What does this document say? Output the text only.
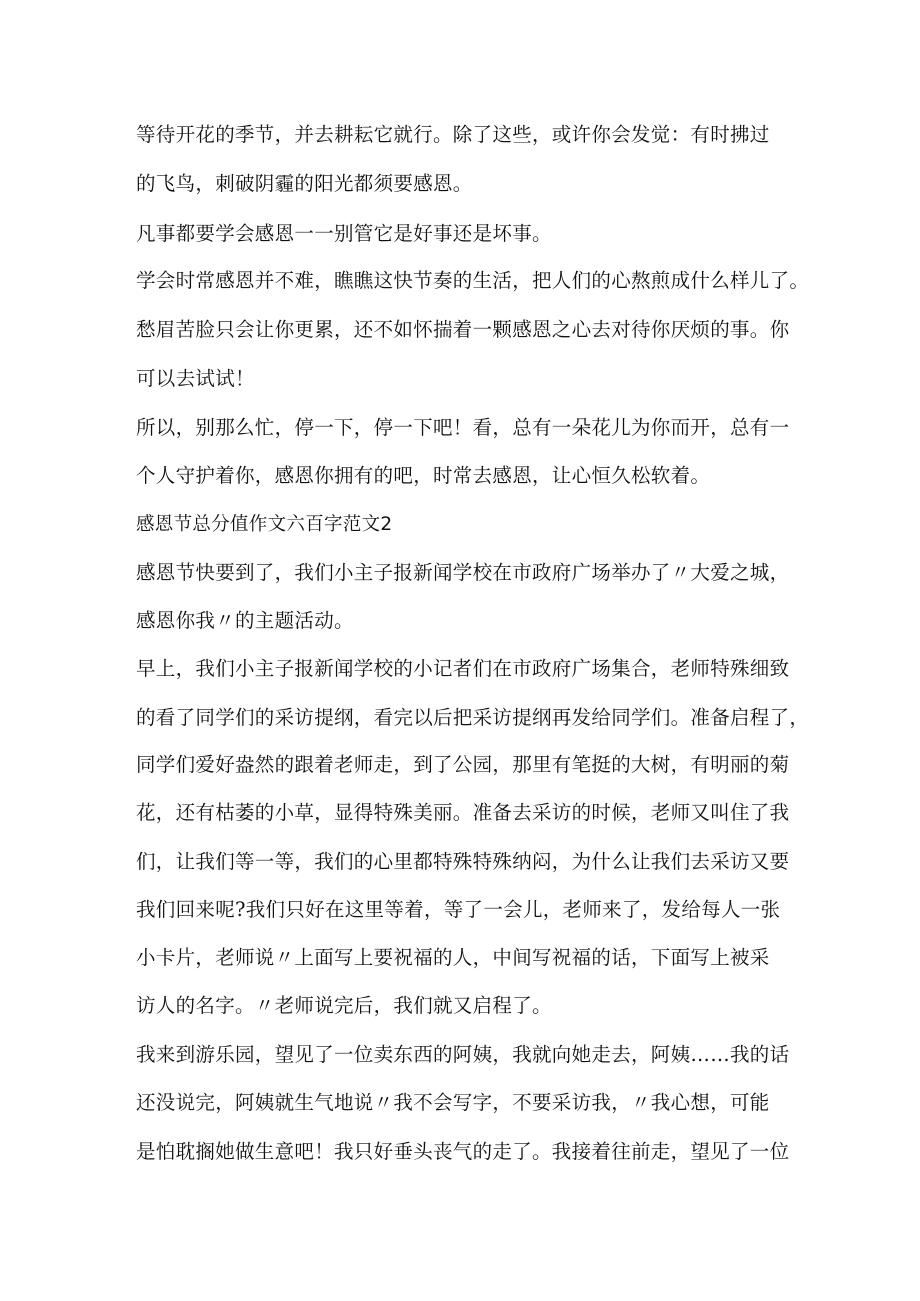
等待开花的季节，并去耕耘它就行。除了这些，或许你会发觉：有时拂过
的飞鸟，刺破阴霾的阳光都须要感恩。
凡事都要学会感恩一一别管它是好事还是坏事。
学会时常感恩并不难，瞧瞧这快节奏的生活，把人们的心熬煎成什么样儿了。
愁眉苦脸只会让你更累，还不如怀揣着一颗感恩之心去对待你厌烦的事。你
可以去试试！
所以，别那么忙，停一下，停一下吧！看，总有一朵花儿为你而开，总有一
个人守护着你，感恩你拥有的吧，时常去感恩，让心恒久松软着。
感恩节总分值作文六百字范文2
感恩节快要到了，我们小主子报新闻学校在市政府广场举办了〃大爱之城，
感恩你我〃的主题活动。
早上，我们小主子报新闻学校的小记者们在市政府广场集合，老师特殊细致
的看了同学们的采访提纲，看完以后把采访提纲再发给同学们。准备启程了，
同学们爱好盎然的跟着老师走，到了公园，那里有笔挺的大树，有明丽的菊
花，还有枯萎的小草，显得特殊美丽。准备去采访的时候，老师又叫住了我
们，让我们等一等，我们的心里都特殊特殊纳闷，为什么让我们去采访又要
我们回来呢?我们只好在这里等着，等了一会儿，老师来了，发给每人一张
小卡片，老师说〃上面写上要祝福的人，中间写祝福的话，下面写上被采
访人的名字。〃老师说完后，我们就又启程了。
我来到游乐园，望见了一位卖东西的阿姨，我就向她走去，阿姨……我的话
还没说完，阿姨就生气地说〃我不会写字，不要采访我，〃我心想，可能
是怕耽搁她做生意吧！我只好垂头丧气的走了。我接着往前走，望见了一位
